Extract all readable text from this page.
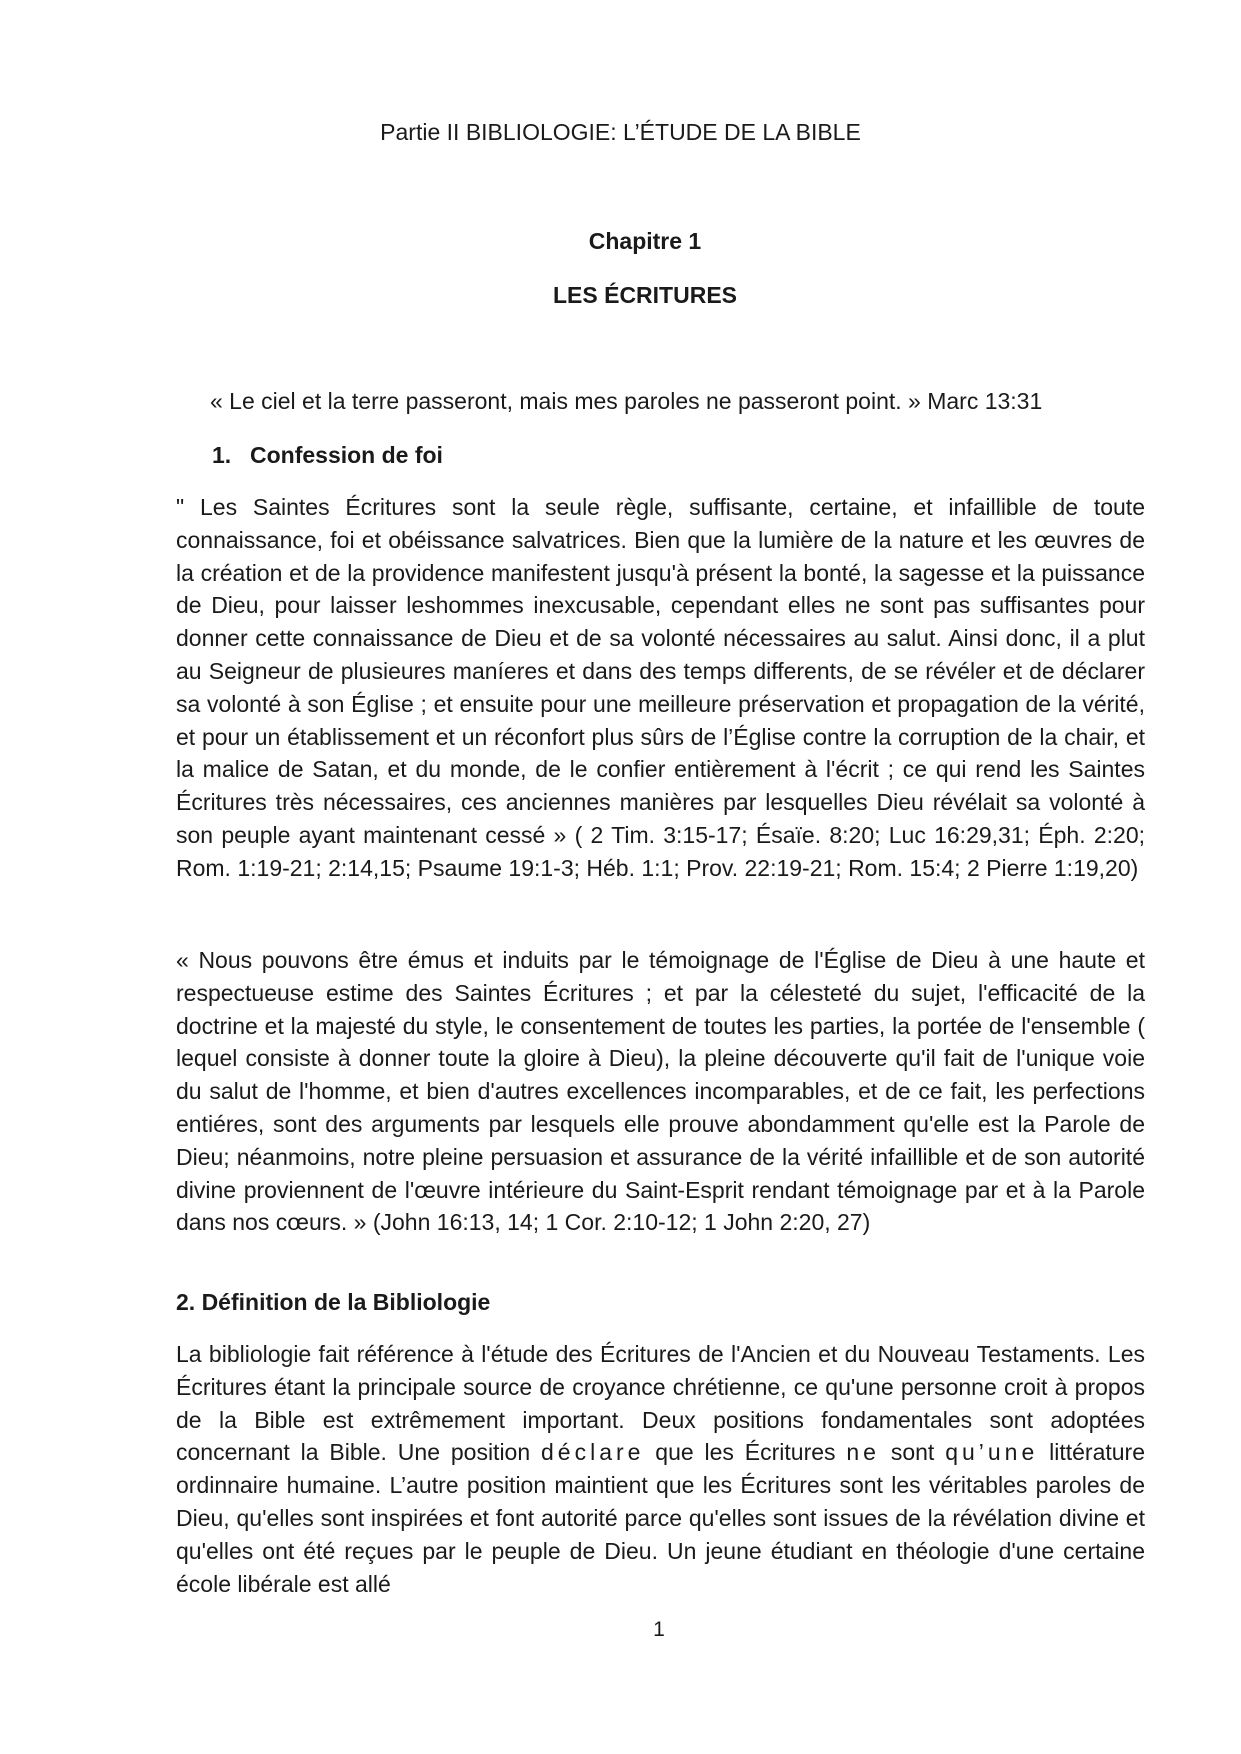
Partie II BIBLIOLOGIE: L’ÉTUDE DE LA BIBLE
Chapitre 1
LES ÉCRITURES

« Le ciel et la terre passeront, mais mes paroles ne passeront point. » Marc 13:31

1. Confession de foi

" Les Saintes Écritures sont la seule règle, suffisante, certaine, et infaillible de toute connaissance, foi et obéissance salvatrices. Bien que la lumière de la nature et les œuvres de la création et de la providence manifestent jusqu'à présent la bonté, la sagesse et la puissance de Dieu, pour laisser leshommes inexcusable, cependant elles ne sont pas suffisantes pour donner cette connaissance de Dieu et de sa volonté nécessaires au salut. Ainsi donc, il a plut au Seigneur de plusieures maníeres et dans des temps differents, de se révéler et de déclarer sa volonté à son Église ; et ensuite pour une meilleure préservation et propagation de la vérité, et pour un établissement et un réconfort plus sûrs de l’Église contre la corruption de la chair, et la malice de Satan, et du monde, de le confier entièrement à l'écrit ; ce qui rend les Saintes Écritures très nécessaires, ces anciennes manières par lesquelles Dieu révélait sa volonté à son peuple ayant maintenant cessé » ( 2 Tim. 3:15-17; Ésaïe. 8:20; Luc 16:29,31; Éph. 2:20; Rom. 1:19-21; 2:14,15; Psaume 19:1-3; Héb. 1:1; Prov. 22:19-21; Rom. 15:4; 2 Pierre 1:19,20)

« Nous pouvons être émus et induits par le témoignage de l'Église de Dieu à une haute et respectueuse estime des Saintes Écritures ; et par la célesteté du sujet, l'efficacité de la doctrine et la majesté du style, le consentement de toutes les parties, la portée de l'ensemble ( lequel consiste à donner toute la gloire à Dieu), la pleine découverte qu'il fait de l'unique voie du salut de l'homme, et bien d'autres excellences incomparables, et de ce fait, les perfections entiéres, sont des arguments par lesquels elle prouve abondamment qu'elle est la Parole de Dieu; néanmoins, notre pleine persuasion et assurance de la vérité infaillible et de son autorité divine proviennent de l'œuvre intérieure du Saint-Esprit rendant témoignage par et à la Parole dans nos cœurs. » (John 16:13, 14; 1 Cor. 2:10-12; 1 John 2:20, 27)

2. Définition de la Bibliologie

La bibliologie fait référence à l'étude des Écritures de l'Ancien et du Nouveau Testaments. Les Écritures étant la principale source de croyance chrétienne, ce qu'une personne croit à propos de la Bible est extrêmement important. Deux positions fondamentales sont adoptées concernant la Bible. Une position déclare que les Écritures ne sont qu’une littérature ordinnaire humaine. L’autre position maintient que les Écritures sont les véritables paroles de Dieu, qu'elles sont inspirées et font autorité parce qu'elles sont issues de la révélation divine et qu'elles ont été reçues par le peuple de Dieu. Un jeune étudiant en théologie d'une certaine école libérale est allé

1
